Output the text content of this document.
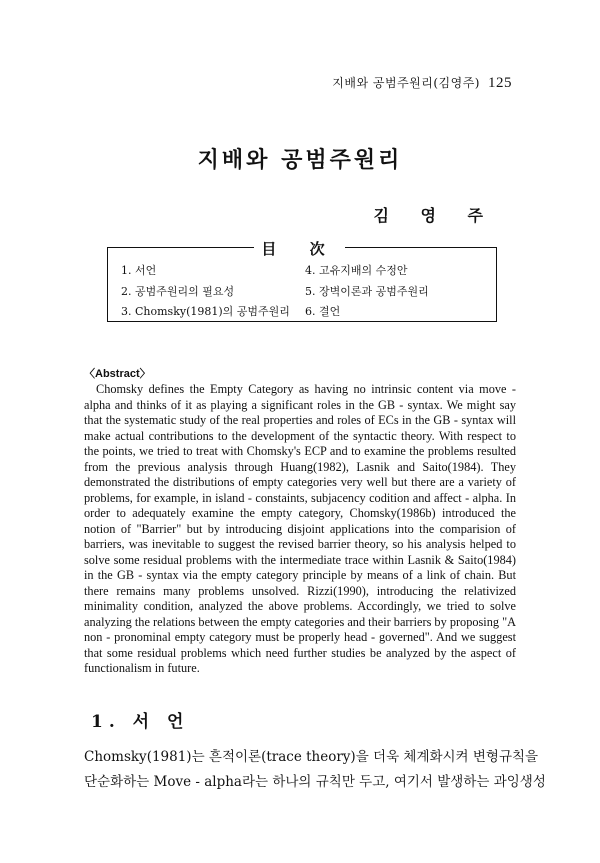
지배와 공범주원리(김영주) 125
지배와 공범주원리
김 영 주
目 次
1. 서언
2. 공범주원리의 필요성
3. Chomsky(1981)의 공범주원리
4. 고유지배의 수정안
5. 장벽이론과 공범주원리
6. 결언
〈Abstract〉

Chomsky defines the Empty Category as having no intrinsic content via move - alpha and thinks of it as playing a significant roles in the GB - syntax. We might say that the systematic study of the real properties and roles of ECs in the GB - syntax will make actual contributions to the development of the syntactic theory. With respect to the points, we tried to treat with Chomsky's ECP and to examine the problems resulted from the previous analysis through Huang(1982), Lasnik and Saito(1984). They demonstrated the distributions of empty categories very well but there are a variety of problems, for example, in island - constaints, subjacency codition and affect - alpha. In order to adequately examine the empty category, Chomsky(1986b) introduced the notion of "Barrier" but by introducing disjoint applications into the comparision of barriers, was inevitable to suggest the revised barrier theory, so his analysis helped to solve some residual problems with the intermediate trace within Lasnik & Saito(1984) in the GB - syntax via the empty category principle by means of a link of chain. But there remains many problems unsolved. Rizzi(1990), introducing the relativized minimality condition, analyzed the above problems. Accordingly, we tried to solve analyzing the relations between the empty categories and their barriers by proposing "A non - pronominal empty category must be properly head - governed". And we suggest that some residual problems which need further studies be analyzed by the aspect of functionalism in future.

1. 서 언
Chomsky(1981)는 흔적이론(trace theory)을 더욱 체계화시켜 변형규칙을
단순화하는 Move - alpha라는 하나의 규칙만 두고, 여기서 발생하는 과잉생성
